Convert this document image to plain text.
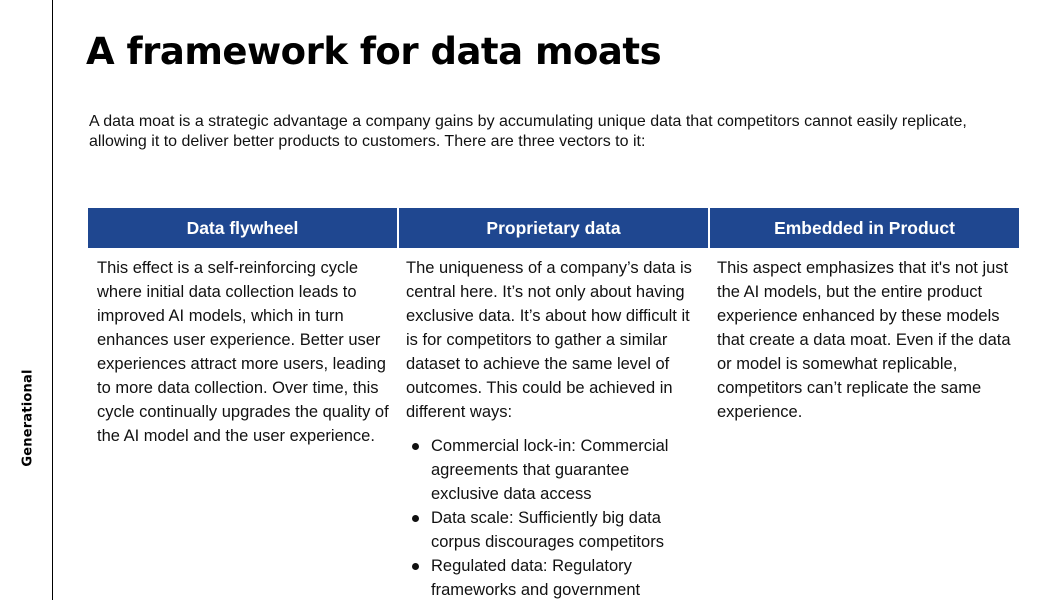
Generational
A framework for data moats

A data moat is a strategic advantage a company gains by accumulating unique data that competitors cannot easily replicate, allowing it to deliver better products to customers. There are three vectors to it:

Data flywheel	Proprietary data	Embedded in Product

This effect is a self-reinforcing cycle where initial data collection leads to improved AI models, which in turn enhances user experience. Better user experiences attract more users, leading to more data collection. Over time, this cycle continually upgrades the quality of the AI model and the user experience.

The uniqueness of a company’s data is central here. It’s not only about having exclusive data. It’s about how difficult it is for competitors to gather a similar dataset to achieve the same level of outcomes. This could be achieved in different ways:

Commercial lock-in: Commercial agreements that guarantee exclusive data access
Data scale: Sufficiently big data corpus discourages competitors
Regulated data: Regulatory frameworks and government

This aspect emphasizes that it's not just the AI models, but the entire product experience enhanced by these models that create a data moat. Even if the data or model is somewhat replicable, competitors can’t replicate the same experience.
